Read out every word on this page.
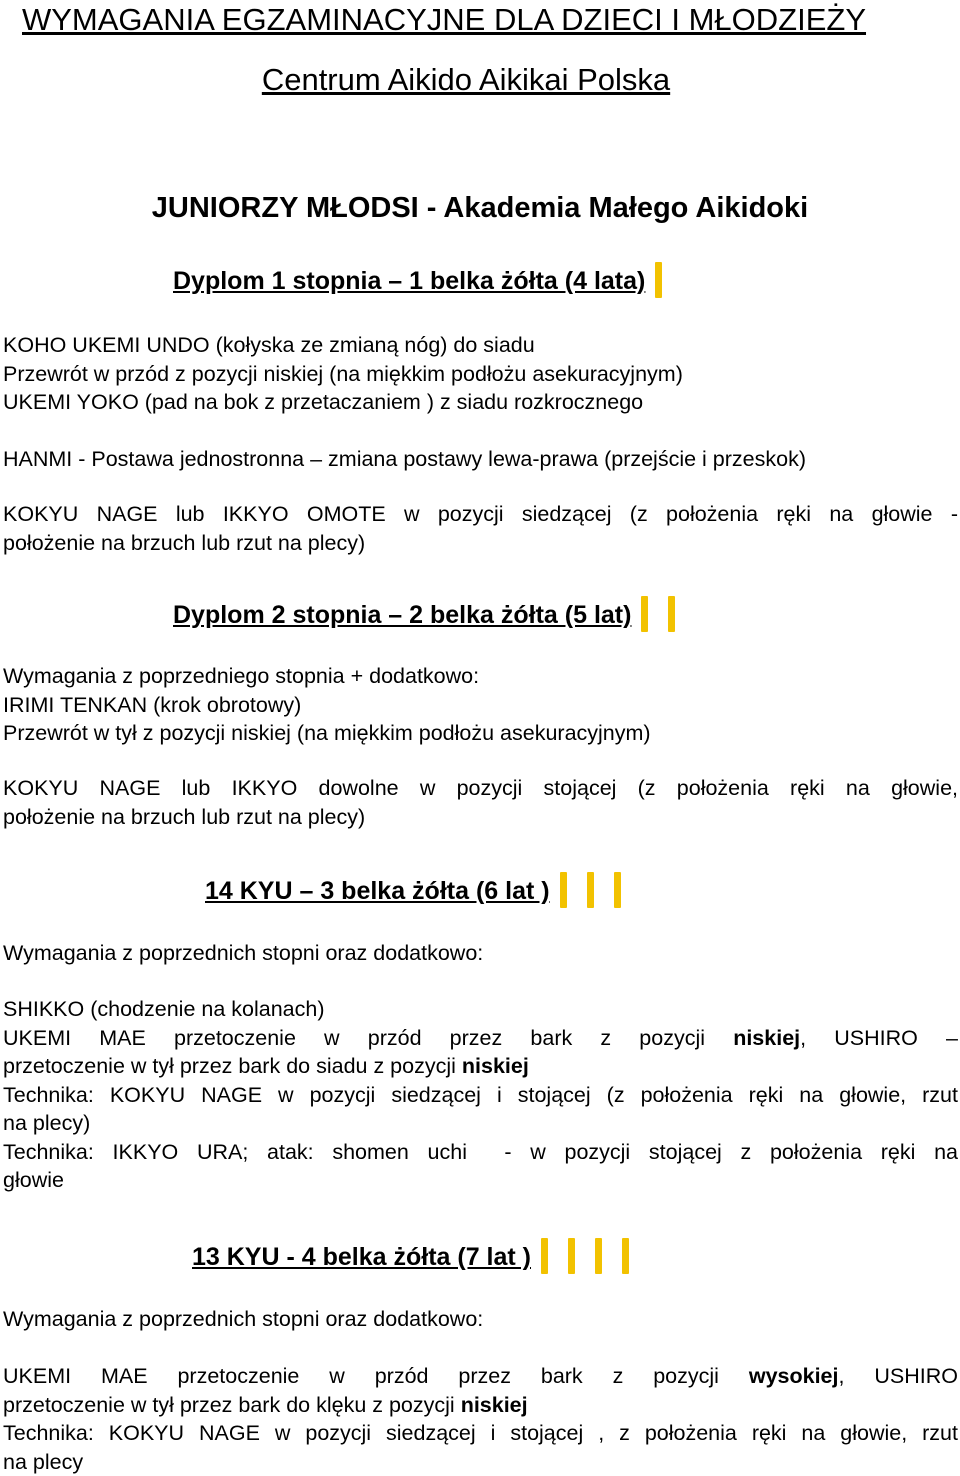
WYMAGANIA EGZAMINACYJNE DLA DZIECI I MŁODZIEŻY
Centrum Aikido Aikikai Polska
JUNIORZY MŁODSI - Akademia Małego Aikidoki
Dyplom 1 stopnia – 1 belka żółta (4 lata)
KOHO UKEMI UNDO (kołyska ze zmianą nóg) do siadu
Przewrót w przód z pozycji niskiej (na miękkim podłożu asekuracyjnym)
UKEMI YOKO (pad na bok z przetaczaniem ) z siadu rozkrocznego
HANMI - Postawa jednostronna – zmiana postawy lewa-prawa (przejście i przeskok)
KOKYU NAGE lub IKKYO OMOTE w pozycji siedzącej (z położenia ręki na głowie -
położenie na brzuch lub rzut na plecy)
Dyplom 2 stopnia – 2 belka żółta (5 lat)
Wymagania z poprzedniego stopnia + dodatkowo:
IRIMI TENKAN (krok obrotowy)
Przewrót w tył z pozycji niskiej (na miękkim podłożu asekuracyjnym)
KOKYU NAGE lub IKKYO dowolne w pozycji stojącej (z położenia ręki na głowie,
położenie na brzuch lub rzut na plecy)
14 KYU – 3 belka żółta (6 lat )
Wymagania z poprzednich stopni oraz dodatkowo:
SHIKKO (chodzenie na kolanach)
UKEMI MAE przetoczenie w przód przez bark z pozycji niskiej, USHIRO –
przetoczenie w tył przez bark do siadu z pozycji niskiej
Technika: KOKYU NAGE w pozycji siedzącej i stojącej (z położenia ręki na głowie, rzut
na plecy)
Technika: IKKYO URA; atak: shomen uchi  - w pozycji stojącej z położenia ręki na
głowie
13 KYU - 4 belka żółta (7 lat )
Wymagania z poprzednich stopni oraz dodatkowo:
UKEMI MAE przetoczenie w przód przez bark z pozycji wysokiej, USHIRO
przetoczenie w tył przez bark do klęku z pozycji niskiej
Technika: KOKYU NAGE w pozycji siedzącej i stojącej , z położenia ręki na głowie, rzut
na plecy
